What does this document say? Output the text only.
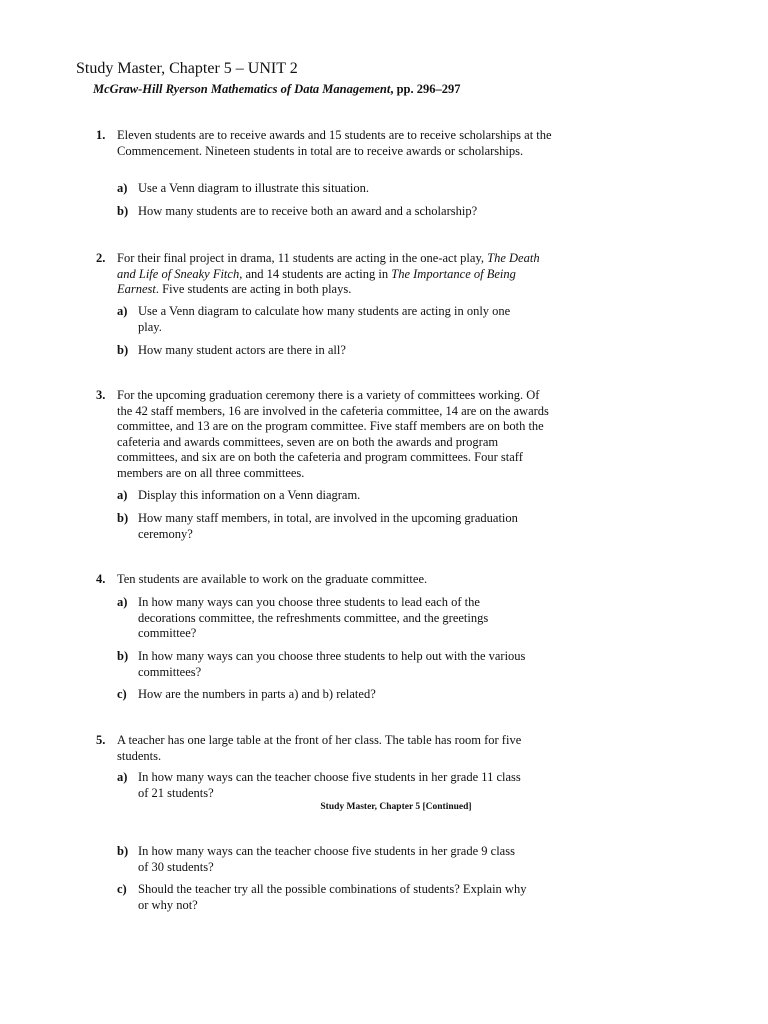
Study Master, Chapter 5 – UNIT 2
McGraw-Hill Ryerson Mathematics of Data Management, pp. 296–297
1. Eleven students are to receive awards and 15 students are to receive scholarships at the Commencement. Nineteen students in total are to receive awards or scholarships.
a) Use a Venn diagram to illustrate this situation.
b) How many students are to receive both an award and a scholarship?
2. For their final project in drama, 11 students are acting in the one-act play, The Death and Life of Sneaky Fitch, and 14 students are acting in The Importance of Being Earnest. Five students are acting in both plays.
a) Use a Venn diagram to calculate how many students are acting in only one play.
b) How many student actors are there in all?
3. For the upcoming graduation ceremony there is a variety of committees working. Of the 42 staff members, 16 are involved in the cafeteria committee, 14 are on the awards committee, and 13 are on the program committee. Five staff members are on both the cafeteria and awards committees, seven are on both the awards and program committees, and six are on both the cafeteria and program committees. Four staff members are on all three committees.
a) Display this information on a Venn diagram.
b) How many staff members, in total, are involved in the upcoming graduation ceremony?
4. Ten students are available to work on the graduate committee.
a) In how many ways can you choose three students to lead each of the decorations committee, the refreshments committee, and the greetings committee?
b) In how many ways can you choose three students to help out with the various committees?
c) How are the numbers in parts a) and b) related?
5. A teacher has one large table at the front of her class. The table has room for five students.
a) In how many ways can the teacher choose five students in her grade 11 class of 21 students?
Study Master, Chapter 5 [Continued]
b) In how many ways can the teacher choose five students in her grade 9 class of 30 students?
c) Should the teacher try all the possible combinations of students? Explain why or why not?
